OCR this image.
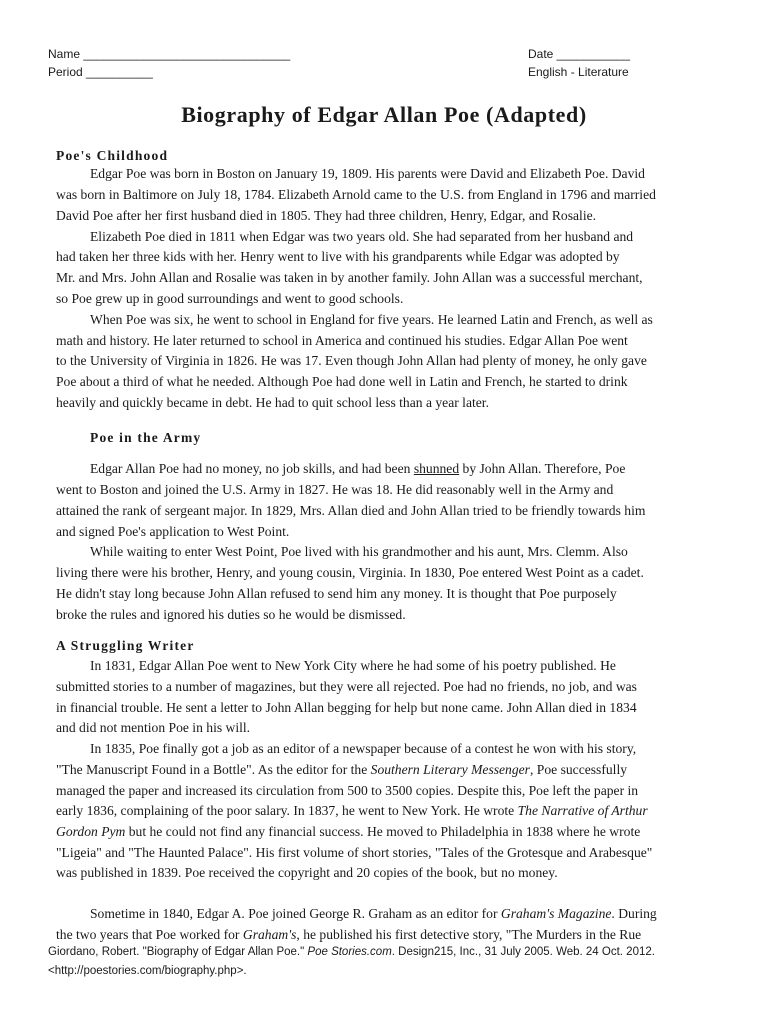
Name _______________________________
Period __________
Date ___________
English - Literature
Biography of Edgar Allan Poe (Adapted)
Poe's Childhood
Edgar Poe was born in Boston on January 19, 1809. His parents were David and Elizabeth Poe. David
was born in Baltimore on July 18, 1784. Elizabeth Arnold came to the U.S. from England in 1796 and married
David Poe after her first husband died in 1805. They had three children, Henry, Edgar, and Rosalie.
Elizabeth Poe died in 1811 when Edgar was two years old. She had separated from her husband and
had taken her three kids with her. Henry went to live with his grandparents while Edgar was adopted by
Mr. and Mrs. John Allan and Rosalie was taken in by another family. John Allan was a successful merchant,
so Poe grew up in good surroundings and went to good schools.
When Poe was six, he went to school in England for five years. He learned Latin and French, as well as
math and history. He later returned to school in America and continued his studies. Edgar Allan Poe went
to the University of Virginia in 1826. He was 17. Even though John Allan had plenty of money, he only gave
Poe about a third of what he needed. Although Poe had done well in Latin and French, he started to drink
heavily and quickly became in debt. He had to quit school less than a year later.
Poe in the Army
Edgar Allan Poe had no money, no job skills, and had been shunned by John Allan. Therefore, Poe
went to Boston and joined the U.S. Army in 1827. He was 18. He did reasonably well in the Army and
attained the rank of sergeant major. In 1829, Mrs. Allan died and John Allan tried to be friendly towards him
and signed Poe's application to West Point.
While waiting to enter West Point, Poe lived with his grandmother and his aunt, Mrs. Clemm. Also
living there were his brother, Henry, and young cousin, Virginia. In 1830, Poe entered West Point as a cadet.
He didn't stay long because John Allan refused to send him any money. It is thought that Poe purposely
broke the rules and ignored his duties so he would be dismissed.
A Struggling Writer
In 1831, Edgar Allan Poe went to New York City where he had some of his poetry published. He
submitted stories to a number of magazines, but they were all rejected. Poe had no friends, no job, and was
in financial trouble. He sent a letter to John Allan begging for help but none came. John Allan died in 1834
and did not mention Poe in his will.
In 1835, Poe finally got a job as an editor of a newspaper because of a contest he won with his story,
"The Manuscript Found in a Bottle". As the editor for the Southern Literary Messenger, Poe successfully
managed the paper and increased its circulation from 500 to 3500 copies. Despite this, Poe left the paper in
early 1836, complaining of the poor salary. In 1837, he went to New York. He wrote The Narrative of Arthur
Gordon Pym but he could not find any financial success. He moved to Philadelphia in 1838 where he wrote
"Ligeia" and "The Haunted Palace". His first volume of short stories, "Tales of the Grotesque and Arabesque"
was published in 1839. Poe received the copyright and 20 copies of the book, but no money.
Sometime in 1840, Edgar A. Poe joined George R. Graham as an editor for Graham's Magazine. During
the two years that Poe worked for Graham's, he published his first detective story, "The Murders in the Rue
Giordano, Robert. "Biography of Edgar Allan Poe." Poe Stories.com. Design215, Inc., 31 July 2005. Web. 24 Oct. 2012.
<http://poestories.com/biography.php>.
